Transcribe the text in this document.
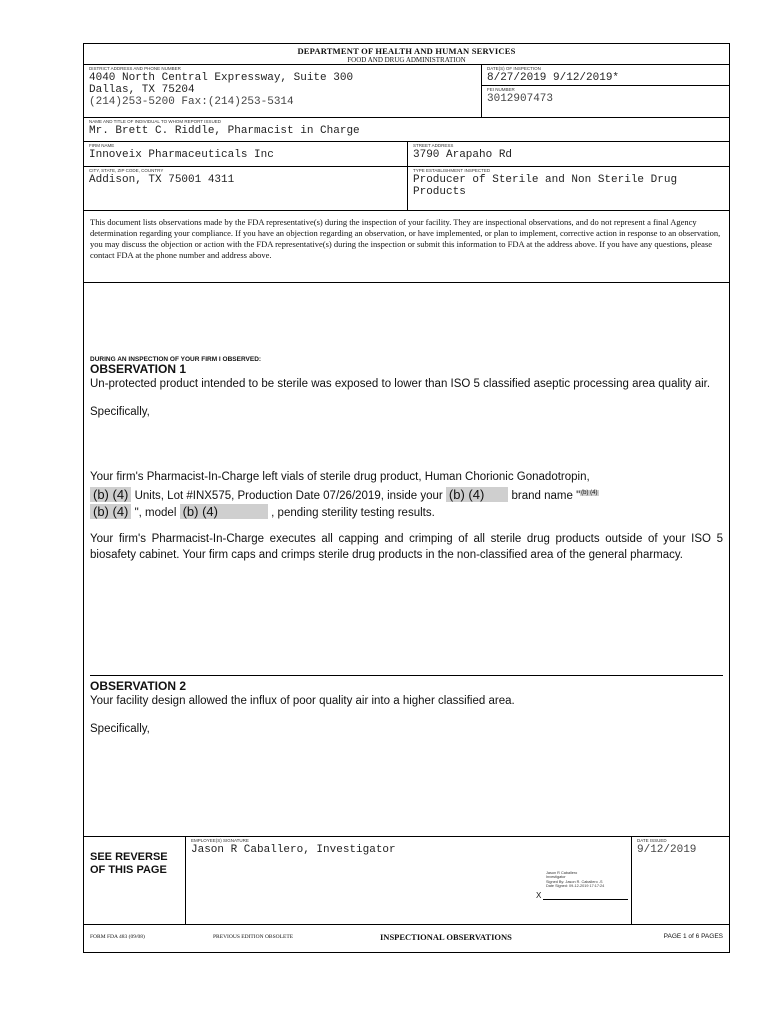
DEPARTMENT OF HEALTH AND HUMAN SERVICES
FOOD AND DRUG ADMINISTRATION
DISTRICT ADDRESS AND PHONE NUMBER
4040 North Central Expressway, Suite 300
Dallas, TX 75204
(214)253-5200 Fax:(214)253-5314
DATE(S) OF INSPECTION
8/27/2019 9/12/2019*
FEI NUMBER
3012907473
NAME AND TITLE OF INDIVIDUAL TO WHOM REPORT ISSUED
Mr. Brett C. Riddle, Pharmacist in Charge
FIRM NAME
Innoveix Pharmaceuticals Inc
STREET ADDRESS
3790 Arapaho Rd
CITY, STATE, ZIP CODE, COUNTRY
Addison, TX 75001 4311
TYPE ESTABLISHMENT INSPECTED
Producer of Sterile and Non Sterile Drug Products
This document lists observations made by the FDA representative(s) during the inspection of your facility. They are inspectional observations, and do not represent a final Agency determination regarding your compliance. If you have an objection regarding an observation, or have implemented, or plan to implement, corrective action in response to an observation, you may discuss the objection or action with the FDA representative(s) during the inspection or submit this information to FDA at the address above. If you have any questions, please contact FDA at the phone number and address above.
DURING AN INSPECTION OF YOUR FIRM I OBSERVED:
OBSERVATION 1
Un-protected product intended to be sterile was exposed to lower than ISO 5 classified aseptic processing area quality air.
Specifically,
Your firm's Pharmacist-In-Charge left vials of sterile drug product, Human Chorionic Gonadotropin,
(b) (4) Units, Lot #INX575, Production Date 07/26/2019, inside your (b) (4) brand name "$^{(b) (4)}$
(b) (4) ", model (b) (4)	, pending sterility testing results.
Your firm's Pharmacist-In-Charge executes all capping and crimping of all sterile drug products outside of your ISO 5 biosafety cabinet. Your firm caps and crimps sterile drug products in the non-classified area of the general pharmacy.
OBSERVATION 2
Your facility design allowed the influx of poor quality air into a higher classified area.
Specifically,
SEE REVERSE OF THIS PAGE
EMPLOYEE(S) SIGNATURE
Jason R Caballero, Investigator
Jason R Caballero
Investigator
Signed By: Jason R. Caballero -S
Date Signed: 09-12-2019 17:17:24
X
DATE ISSUED
9/12/2019
FORM FDA 483 (09/08)	PREVIOUS EDITION OBSOLETE	INSPECTIONAL OBSERVATIONS	PAGE 1 of 6 PAGES
